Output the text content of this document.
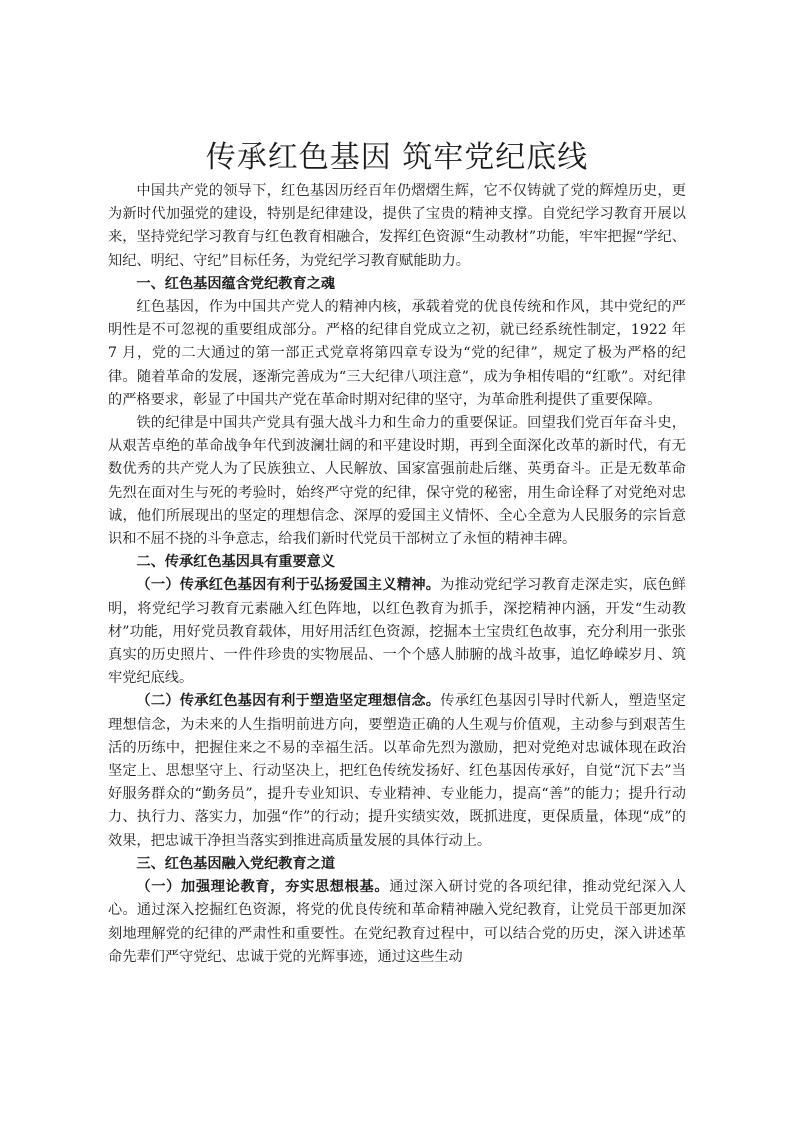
传承红色基因 筑牢党纪底线

中国共产党的领导下，红色基因历经百年仍熠熠生辉，它不仅铸就了党的辉煌历史，更为新时代加强党的建设，特别是纪律建设，提供了宝贵的精神支撑。自党纪学习教育开展以来，坚持党纪学习教育与红色教育相融合，发挥红色资源“生动教材”功能，牢牢把握“学纪、知纪、明纪、守纪”目标任务，为党纪学习教育赋能助力。

一、红色基因蕴含党纪教育之魂

红色基因，作为中国共产党人的精神内核，承载着党的优良传统和作风，其中党纪的严明性是不可忽视的重要组成部分。严格的纪律自党成立之初，就已经系统性制定，1922 年 7 月，党的二大通过的第一部正式党章将第四章专设为“党的纪律”，规定了极为严格的纪律。随着革命的发展，逐渐完善成为“三大纪律八项注意”，成为争相传唱的“红歌”。对纪律的严格要求，彰显了中国共产党在革命时期对纪律的坚守，为革命胜利提供了重要保障。

铁的纪律是中国共产党具有强大战斗力和生命力的重要保证。回望我们党百年奋斗史，从艰苦卓绝的革命战争年代到波澜壮阔的和平建设时期，再到全面深化改革的新时代，有无数优秀的共产党人为了民族独立、人民解放、国家富强前赴后继、英勇奋斗。正是无数革命先烈在面对生与死的考验时，始终严守党的纪律，保守党的秘密，用生命诠释了对党绝对忠诚，他们所展现出的坚定的理想信念、深厚的爱国主义情怀、全心全意为人民服务的宗旨意识和不屈不挠的斗争意志，给我们新时代党员干部树立了永恒的精神丰碑。

二、传承红色基因具有重要意义

（一）传承红色基因有利于弘扬爱国主义精神。为推动党纪学习教育走深走实，底色鲜明，将党纪学习教育元素融入红色阵地，以红色教育为抓手，深挖精神内涵，开发“生动教材”功能，用好党员教育载体，用好用活红色资源，挖掘本土宝贵红色故事，充分利用一张张真实的历史照片、一件件珍贵的实物展品、一个个感人肺腑的战斗故事，追忆峥嵘岁月、筑牢党纪底线。

（二）传承红色基因有利于塑造坚定理想信念。传承红色基因引导时代新人，塑造坚定理想信念，为未来的人生指明前进方向，要塑造正确的人生观与价值观，主动参与到艰苦生活的历练中，把握住来之不易的幸福生活。以革命先烈为激励，把对党绝对忠诚体现在政治坚定上、思想坚守上、行动坚决上，把红色传统发扬好、红色基因传承好，自觉“沉下去”当好服务群众的“勤务员”，提升专业知识、专业精神、专业能力，提高“善”的能力；提升行动力、执行力、落实力，加强“作”的行动；提升实绩实效，既抓进度，更保质量，体现“成”的效果，把忠诚干净担当落实到推进高质量发展的具体行动上。

三、红色基因融入党纪教育之道

（一）加强理论教育，夯实思想根基。通过深入研讨党的各项纪律，推动党纪深入人心。通过深入挖掘红色资源，将党的优良传统和革命精神融入党纪教育，让党员干部更加深刻地理解党的纪律的严肃性和重要性。在党纪教育过程中，可以结合党的历史，深入讲述革命先辈们严守党纪、忠诚于党的光辉事迹，通过这些生动
